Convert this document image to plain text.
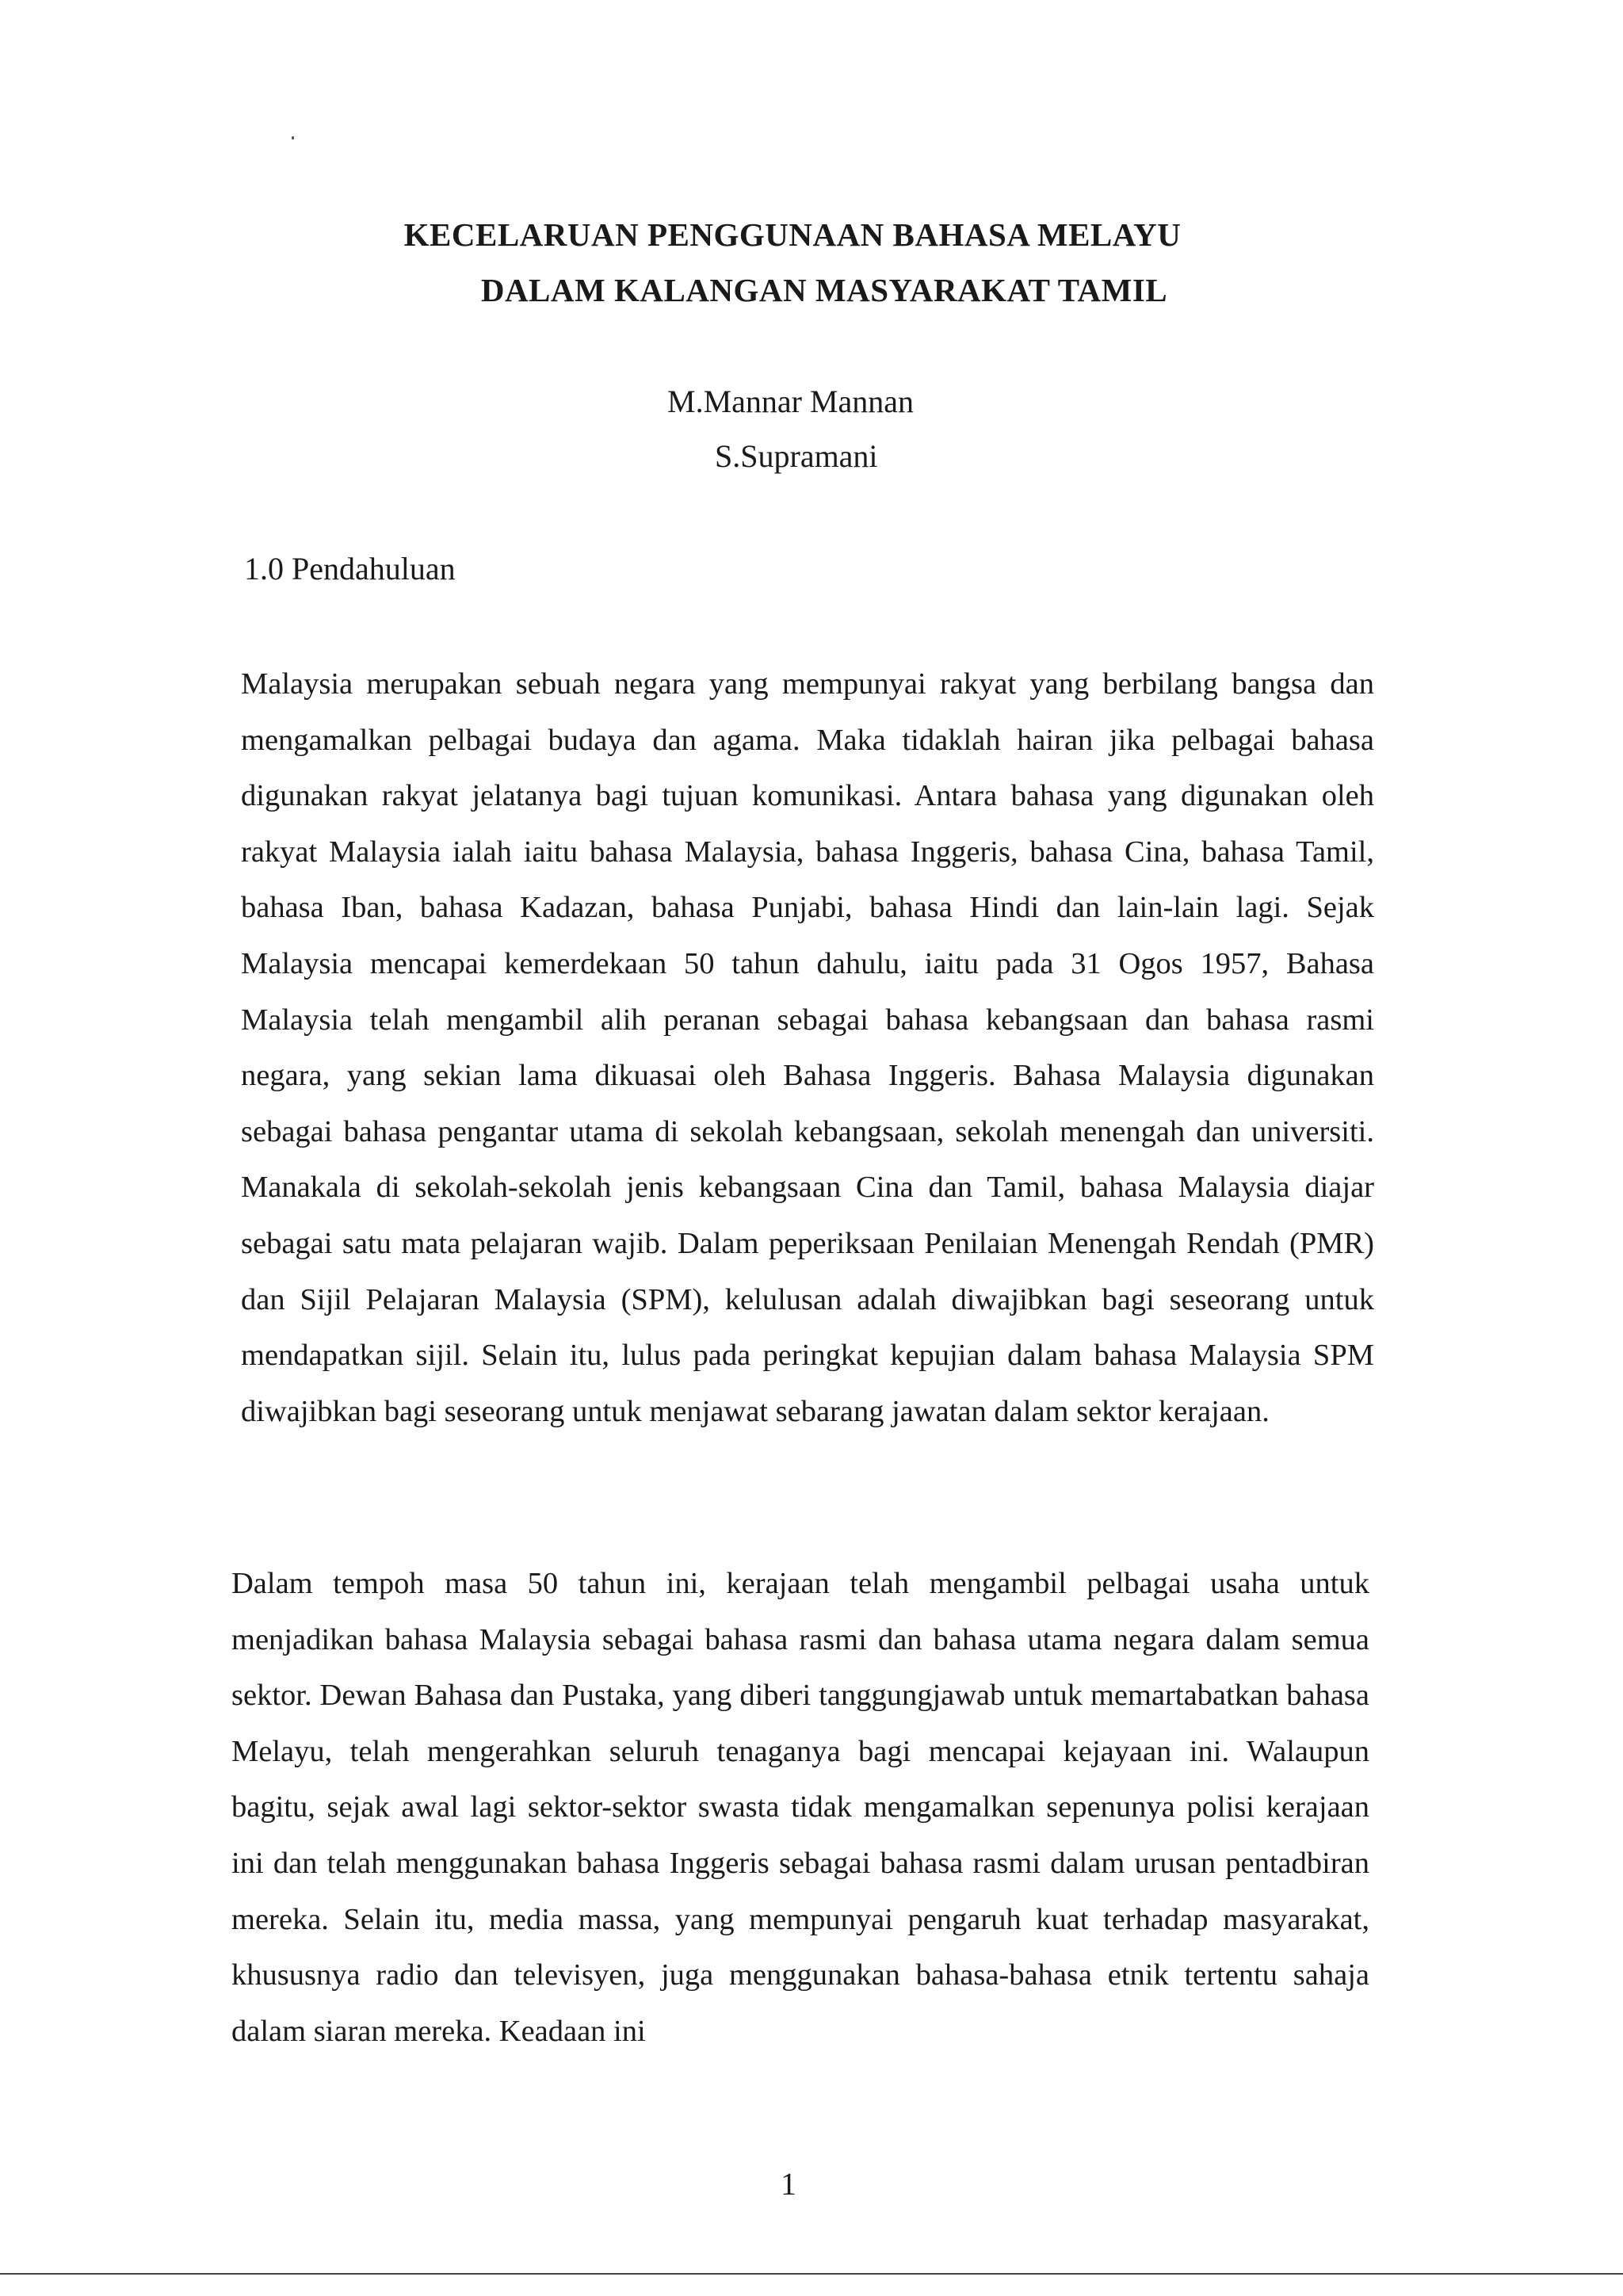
KECELARUAN PENGGUNAAN BAHASA MELAYU
DALAM KALANGAN MASYARAKAT TAMIL

M.Mannar Mannan

S.Supramani

1.0 Pendahuluan

Malaysia merupakan sebuah negara yang mempunyai rakyat yang berbilang bangsa dan mengamalkan pelbagai budaya dan agama. Maka tidaklah hairan jika pelbagai bahasa digunakan rakyat jelatanya bagi tujuan komunikasi. Antara bahasa yang digunakan oleh rakyat Malaysia ialah iaitu bahasa Malaysia, bahasa Inggeris, bahasa Cina, bahasa Tamil, bahasa Iban, bahasa Kadazan, bahasa Punjabi, bahasa Hindi dan lain-lain lagi. Sejak Malaysia mencapai kemerdekaan 50 tahun dahulu, iaitu pada 31 Ogos 1957, Bahasa Malaysia telah mengambil alih peranan sebagai bahasa kebangsaan dan bahasa rasmi negara, yang sekian lama dikuasai oleh Bahasa Inggeris. Bahasa Malaysia digunakan sebagai bahasa pengantar utama di sekolah kebangsaan, sekolah menengah dan universiti. Manakala di sekolah-sekolah jenis kebangsaan Cina dan Tamil, bahasa Malaysia diajar sebagai satu mata pelajaran wajib. Dalam peperiksaan Penilaian Menengah Rendah (PMR) dan Sijil Pelajaran Malaysia (SPM), kelulusan adalah diwajibkan bagi seseorang untuk mendapatkan sijil. Selain itu, lulus pada peringkat kepujian dalam bahasa Malaysia SPM diwajibkan bagi seseorang untuk menjawat sebarang jawatan dalam sektor kerajaan.

Dalam tempoh masa 50 tahun ini, kerajaan telah mengambil pelbagai usaha untuk menjadikan bahasa Malaysia sebagai bahasa rasmi dan bahasa utama negara dalam semua sektor. Dewan Bahasa dan Pustaka, yang diberi tanggungjawab untuk memartabatkan bahasa Melayu, telah mengerahkan seluruh tenaganya bagi mencapai kejayaan ini. Walaupun bagitu, sejak awal lagi sektor-sektor swasta tidak mengamalkan sepenunya polisi kerajaan ini dan telah menggunakan bahasa Inggeris sebagai bahasa rasmi dalam urusan pentadbiran mereka. Selain itu, media massa, yang mempunyai pengaruh kuat terhadap masyarakat, khususnya radio dan televisyen, juga menggunakan bahasa-bahasa etnik tertentu sahaja dalam siaran mereka. Keadaan ini

1
